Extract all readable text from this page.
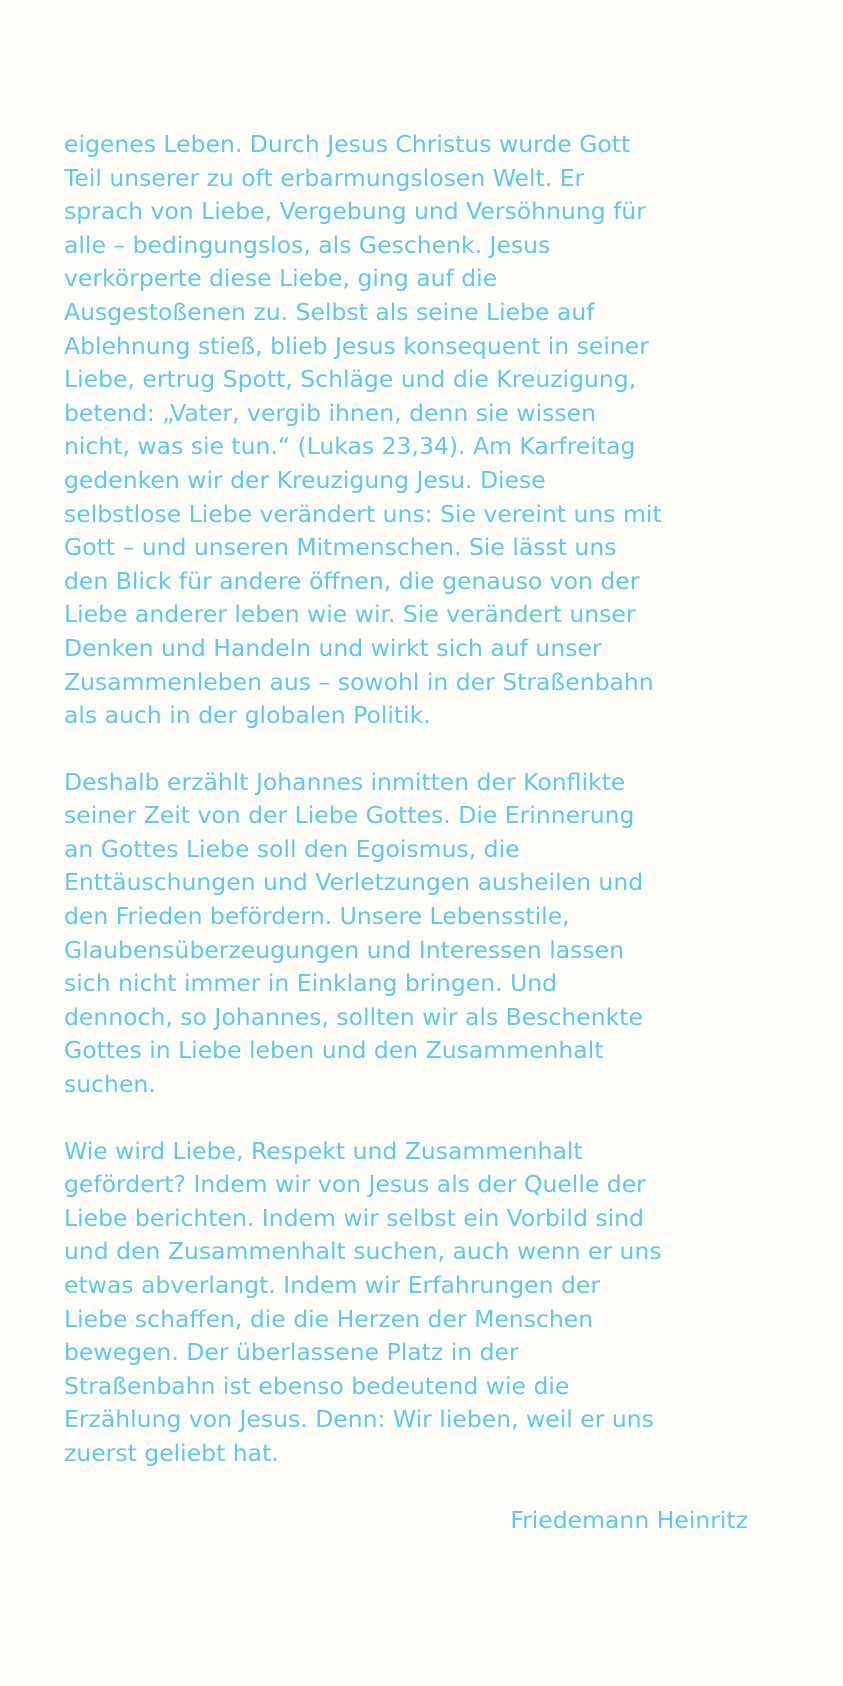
eigenes Leben. Durch Jesus Christus wurde Gott
Teil unserer zu oft erbarmungslosen Welt. Er
sprach von Liebe, Vergebung und Versöhnung für
alle – bedingungslos, als Geschenk. Jesus
verkörperte diese Liebe, ging auf die
Ausgestoßenen zu. Selbst als seine Liebe auf
Ablehnung stieß, blieb Jesus konsequent in seiner
Liebe, ertrug Spott, Schläge und die Kreuzigung,
betend: „Vater, vergib ihnen, denn sie wissen
nicht, was sie tun.“ (Lukas 23,34). Am Karfreitag
gedenken wir der Kreuzigung Jesu. Diese
selbstlose Liebe verändert uns: Sie vereint uns mit
Gott – und unseren Mitmenschen. Sie lässt uns
den Blick für andere öffnen, die genauso von der
Liebe anderer leben wie wir. Sie verändert unser
Denken und Handeln und wirkt sich auf unser
Zusammenleben aus – sowohl in der Straßenbahn
als auch in der globalen Politik.

Deshalb erzählt Johannes inmitten der Konflikte
seiner Zeit von der Liebe Gottes. Die Erinnerung
an Gottes Liebe soll den Egoismus, die
Enttäuschungen und Verletzungen ausheilen und
den Frieden befördern. Unsere Lebensstile,
Glaubensüberzeugungen und Interessen lassen
sich nicht immer in Einklang bringen. Und
dennoch, so Johannes, sollten wir als Beschenkte
Gottes in Liebe leben und den Zusammenhalt
suchen.

Wie wird Liebe, Respekt und Zusammenhalt
gefördert? Indem wir von Jesus als der Quelle der
Liebe berichten. Indem wir selbst ein Vorbild sind
und den Zusammenhalt suchen, auch wenn er uns
etwas abverlangt. Indem wir Erfahrungen der
Liebe schaffen, die die Herzen der Menschen
bewegen. Der überlassene Platz in der
Straßenbahn ist ebenso bedeutend wie die
Erzählung von Jesus. Denn: Wir lieben, weil er uns
zuerst geliebt hat.

Friedemann Heinritz
